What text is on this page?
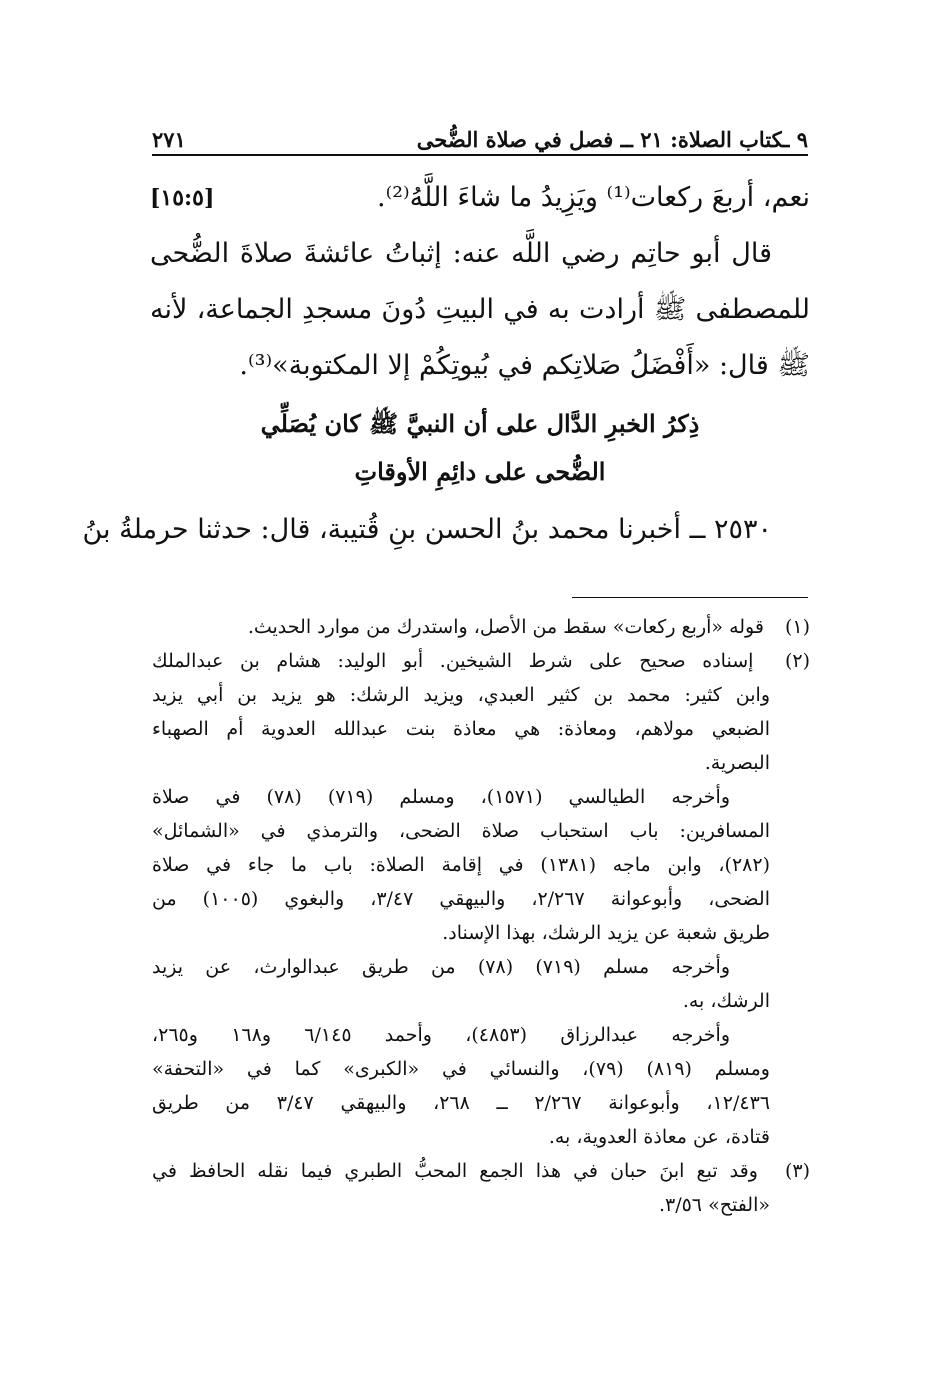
٩ ـكتاب الصلاة: ٢١ ــ فصل في صلاة الضُّحى
٢٧١
نعم، أربعَ ركعات⁽¹⁾ ويَزِيدُ ما شاءَ اللَّهُ⁽²⁾.
[١٥:٥]
قال أبو حاتِم رضي اللَّه عنه: إثباتُ عائشةَ صلاةَ الضُّحى
للمصطفى ﷺ أرادت به في البيتِ دُونَ مسجدِ الجماعة، لأنه
ﷺ قال: «أَفْضَلُ صَلاتِكم في بُيوتِكُمْ إلا المكتوبة»⁽³⁾.
ذِكرُ الخبرِ الدَّال على أن النبيَّ ﷺ كان يُصَلِّي
الضُّحى على دائِمِ الأوقاتِ
٢٥٣٠ ــ أخبرنا محمد بنُ الحسن بنِ قُتيبة، قال: حدثنا حرملةُ بنُ
(١) قوله «أربع ركعات» سقط من الأصل، واستدرك من موارد الحديث.
(٢) إسناده صحيح على شرط الشيخين. أبو الوليد: هشام بن عبدالملك
وابن كثير: محمد بن كثير العبدي، ويزيد الرشك: هو يزيد بن أبي يزيد
الضبعي مولاهم، ومعاذة: هي معاذة بنت عبدالله العدوية أم الصهباء
البصرية.
وأخرجه الطيالسي (١٥٧١)، ومسلم (٧١٩) (٧٨) في صلاة
المسافرين: باب استحباب صلاة الضحى، والترمذي في «الشمائل»
(٢٨٢)، وابن ماجه (١٣٨١) في إقامة الصلاة: باب ما جاء في صلاة
الضحى، وأبوعوانة ٢/٢٦٧، والبيهقي ٣/٤٧، والبغوي (١٠٠٥) من
طريق شعبة عن يزيد الرشك، بهذا الإسناد.
وأخرجه مسلم (٧١٩) (٧٨) من طريق عبدالوارث، عن يزيد
الرشك، به.
وأخرجه عبدالرزاق (٤٨٥٣)، وأحمد ٦/١٤٥ و١٦٨ و٢٦٥،
ومسلم (٨١٩) (٧٩)، والنسائي في «الكبرى» كما في «التحفة»
١٢/٤٣٦، وأبوعوانة ٢/٢٦٧ ــ ٢٦٨، والبيهقي ٣/٤٧ من طريق
قتادة، عن معاذة العدوية، به.
(٣) وقد تبع ابنَ حبان في هذا الجمع المحبُّ الطبري فيما نقله الحافظ في
«الفتح» ٣/٥٦.
